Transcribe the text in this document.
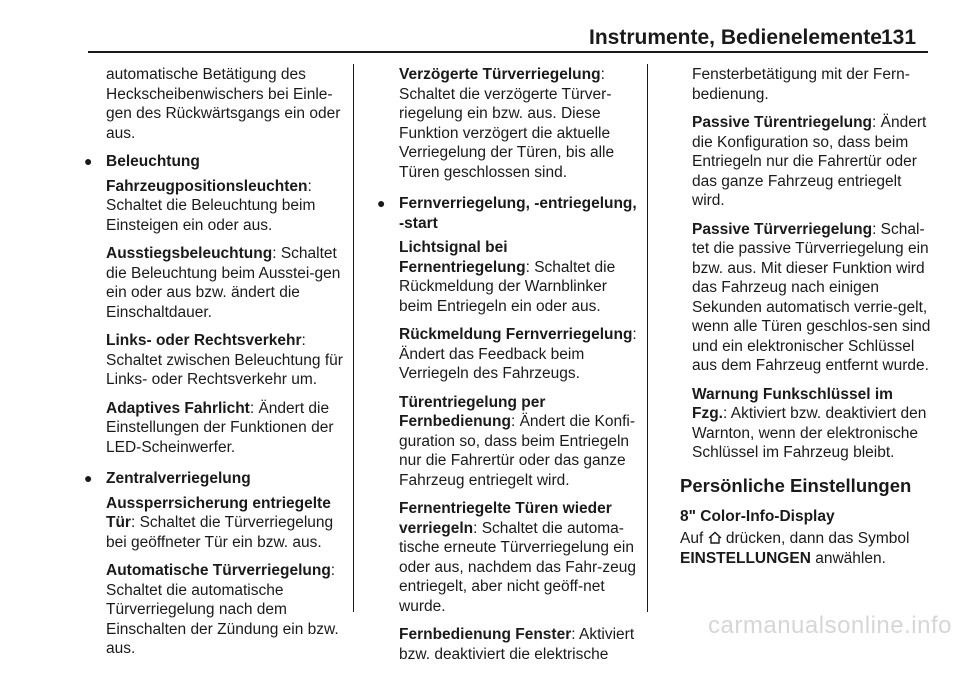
Instrumente, Bedienelemente 131

automatische Betätigung des Heckscheibenwischers bei Einle-gen des Rückwärtsgangs ein oder aus.

● Beleuchtung

Fahrzeugpositionsleuchten: Schaltet die Beleuchtung beim Einsteigen ein oder aus.

Ausstiegsbeleuchtung: Schaltet die Beleuchtung beim Ausstei-gen ein oder aus bzw. ändert die Einschaltdauer.

Links- oder Rechtsverkehr: Schaltet zwischen Beleuchtung für Links- oder Rechtsverkehr um.

Adaptives Fahrlicht: Ändert die Einstellungen der Funktionen der LED-Scheinwerfer.

● Zentralverriegelung

Aussperrsicherung entriegelte Tür: Schaltet die Türverriegelung bei geöffneter Tür ein bzw. aus.

Automatische Türverriegelung: Schaltet die automatische Türverriegelung nach dem Einschalten der Zündung ein bzw. aus.

Verzögerte Türverriegelung: Schaltet die verzögerte Türver-riegelung ein bzw. aus. Diese Funktion verzögert die aktuelle Verriegelung der Türen, bis alle Türen geschlossen sind.

● Fernverriegelung, -entriegelung, -start

Lichtsignal bei Fernentriegelung: Schaltet die Rückmeldung der Warnblinker beim Entriegeln ein oder aus.

Rückmeldung Fernverriegelung: Ändert das Feedback beim Verriegeln des Fahrzeugs.

Türentriegelung per Fernbedienung: Ändert die Konfi-guration so, dass beim Entriegeln nur die Fahrertür oder das ganze Fahrzeug entriegelt wird.

Fernentriegelte Türen wieder verriegeln: Schaltet die automa-tische erneute Türverriegelung ein oder aus, nachdem das Fahr-zeug entriegelt, aber nicht geöff-net wurde.

Fernbedienung Fenster: Aktiviert bzw. deaktiviert die elektrische

Fensterbetätigung mit der Fern-bedienung.

Passive Türentriegelung: Ändert die Konfiguration so, dass beim Entriegeln nur die Fahrertür oder das ganze Fahrzeug entriegelt wird.

Passive Türverriegelung: Schal-tet die passive Türverriegelung ein bzw. aus. Mit dieser Funktion wird das Fahrzeug nach einigen Sekunden automatisch verrie-gelt, wenn alle Türen geschlos-sen sind und ein elektronischer Schlüssel aus dem Fahrzeug entfernt wurde.

Warnung Funkschlüssel im Fzg.: Aktiviert bzw. deaktiviert den Warnton, wenn der elektronische Schlüssel im Fahrzeug bleibt.

Persönliche Einstellungen
8" Color-Info-Display
Auf drücken, dann das Symbol
EINSTELLUNGEN anwählen.
carmanualsonline.info
